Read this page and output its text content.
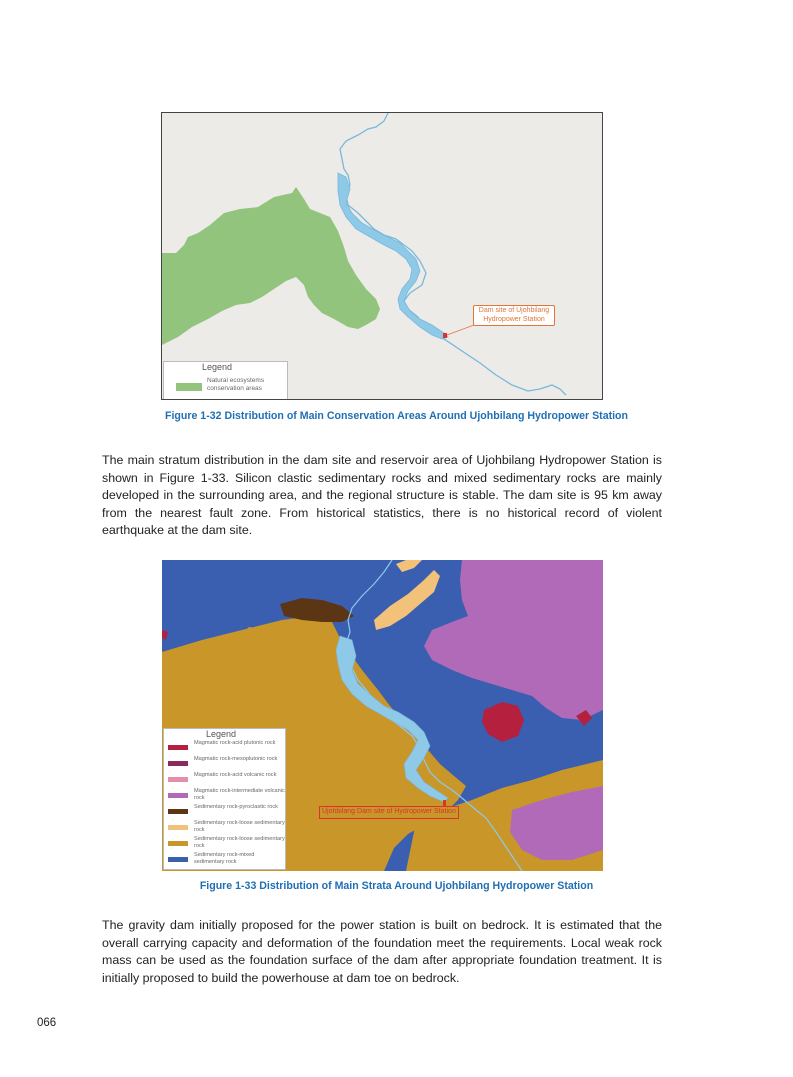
Dam site of Ujohbilang Hydropower Station
Legend
Natural ecosystems conservation areas
Figure 1-32 Distribution of Main Conservation Areas Around Ujohbilang Hydropower Station

The main stratum distribution in the dam site and reservoir area of Ujohbilang Hydropower Station is shown in Figure 1-33. Silicon clastic sedimentary rocks and mixed sedimentary rocks are mainly developed in the surrounding area, and the regional structure is stable. The dam site is 95 km away from the nearest fault zone. From historical statistics, there is no historical record of violent earthquake at the dam site.

Ujohbilang Dam site of Hydropower Station
Legend
Magmatic rock-acid plutonic rock
Magmatic rock-mesoplutonic rock
Magmatic rock-acid volcanic rock
Magmatic rock-intermediate volcanic rock
Sedimentary rock-pyroclastic rock
Sedimentary rock-loose sedimentary rock
Sedimentary rock-loose sedimentary rock
Sedimentary rock-mixed sedimentary rock
Figure 1-33 Distribution of Main Strata Around Ujohbilang Hydropower Station

The gravity dam initially proposed for the power station is built on bedrock. It is estimated that the overall carrying capacity and deformation of the foundation meet the requirements. Local weak rock mass can be used as the foundation surface of the dam after appropriate foundation treatment. It is initially proposed to build the powerhouse at dam toe on bedrock.

066
